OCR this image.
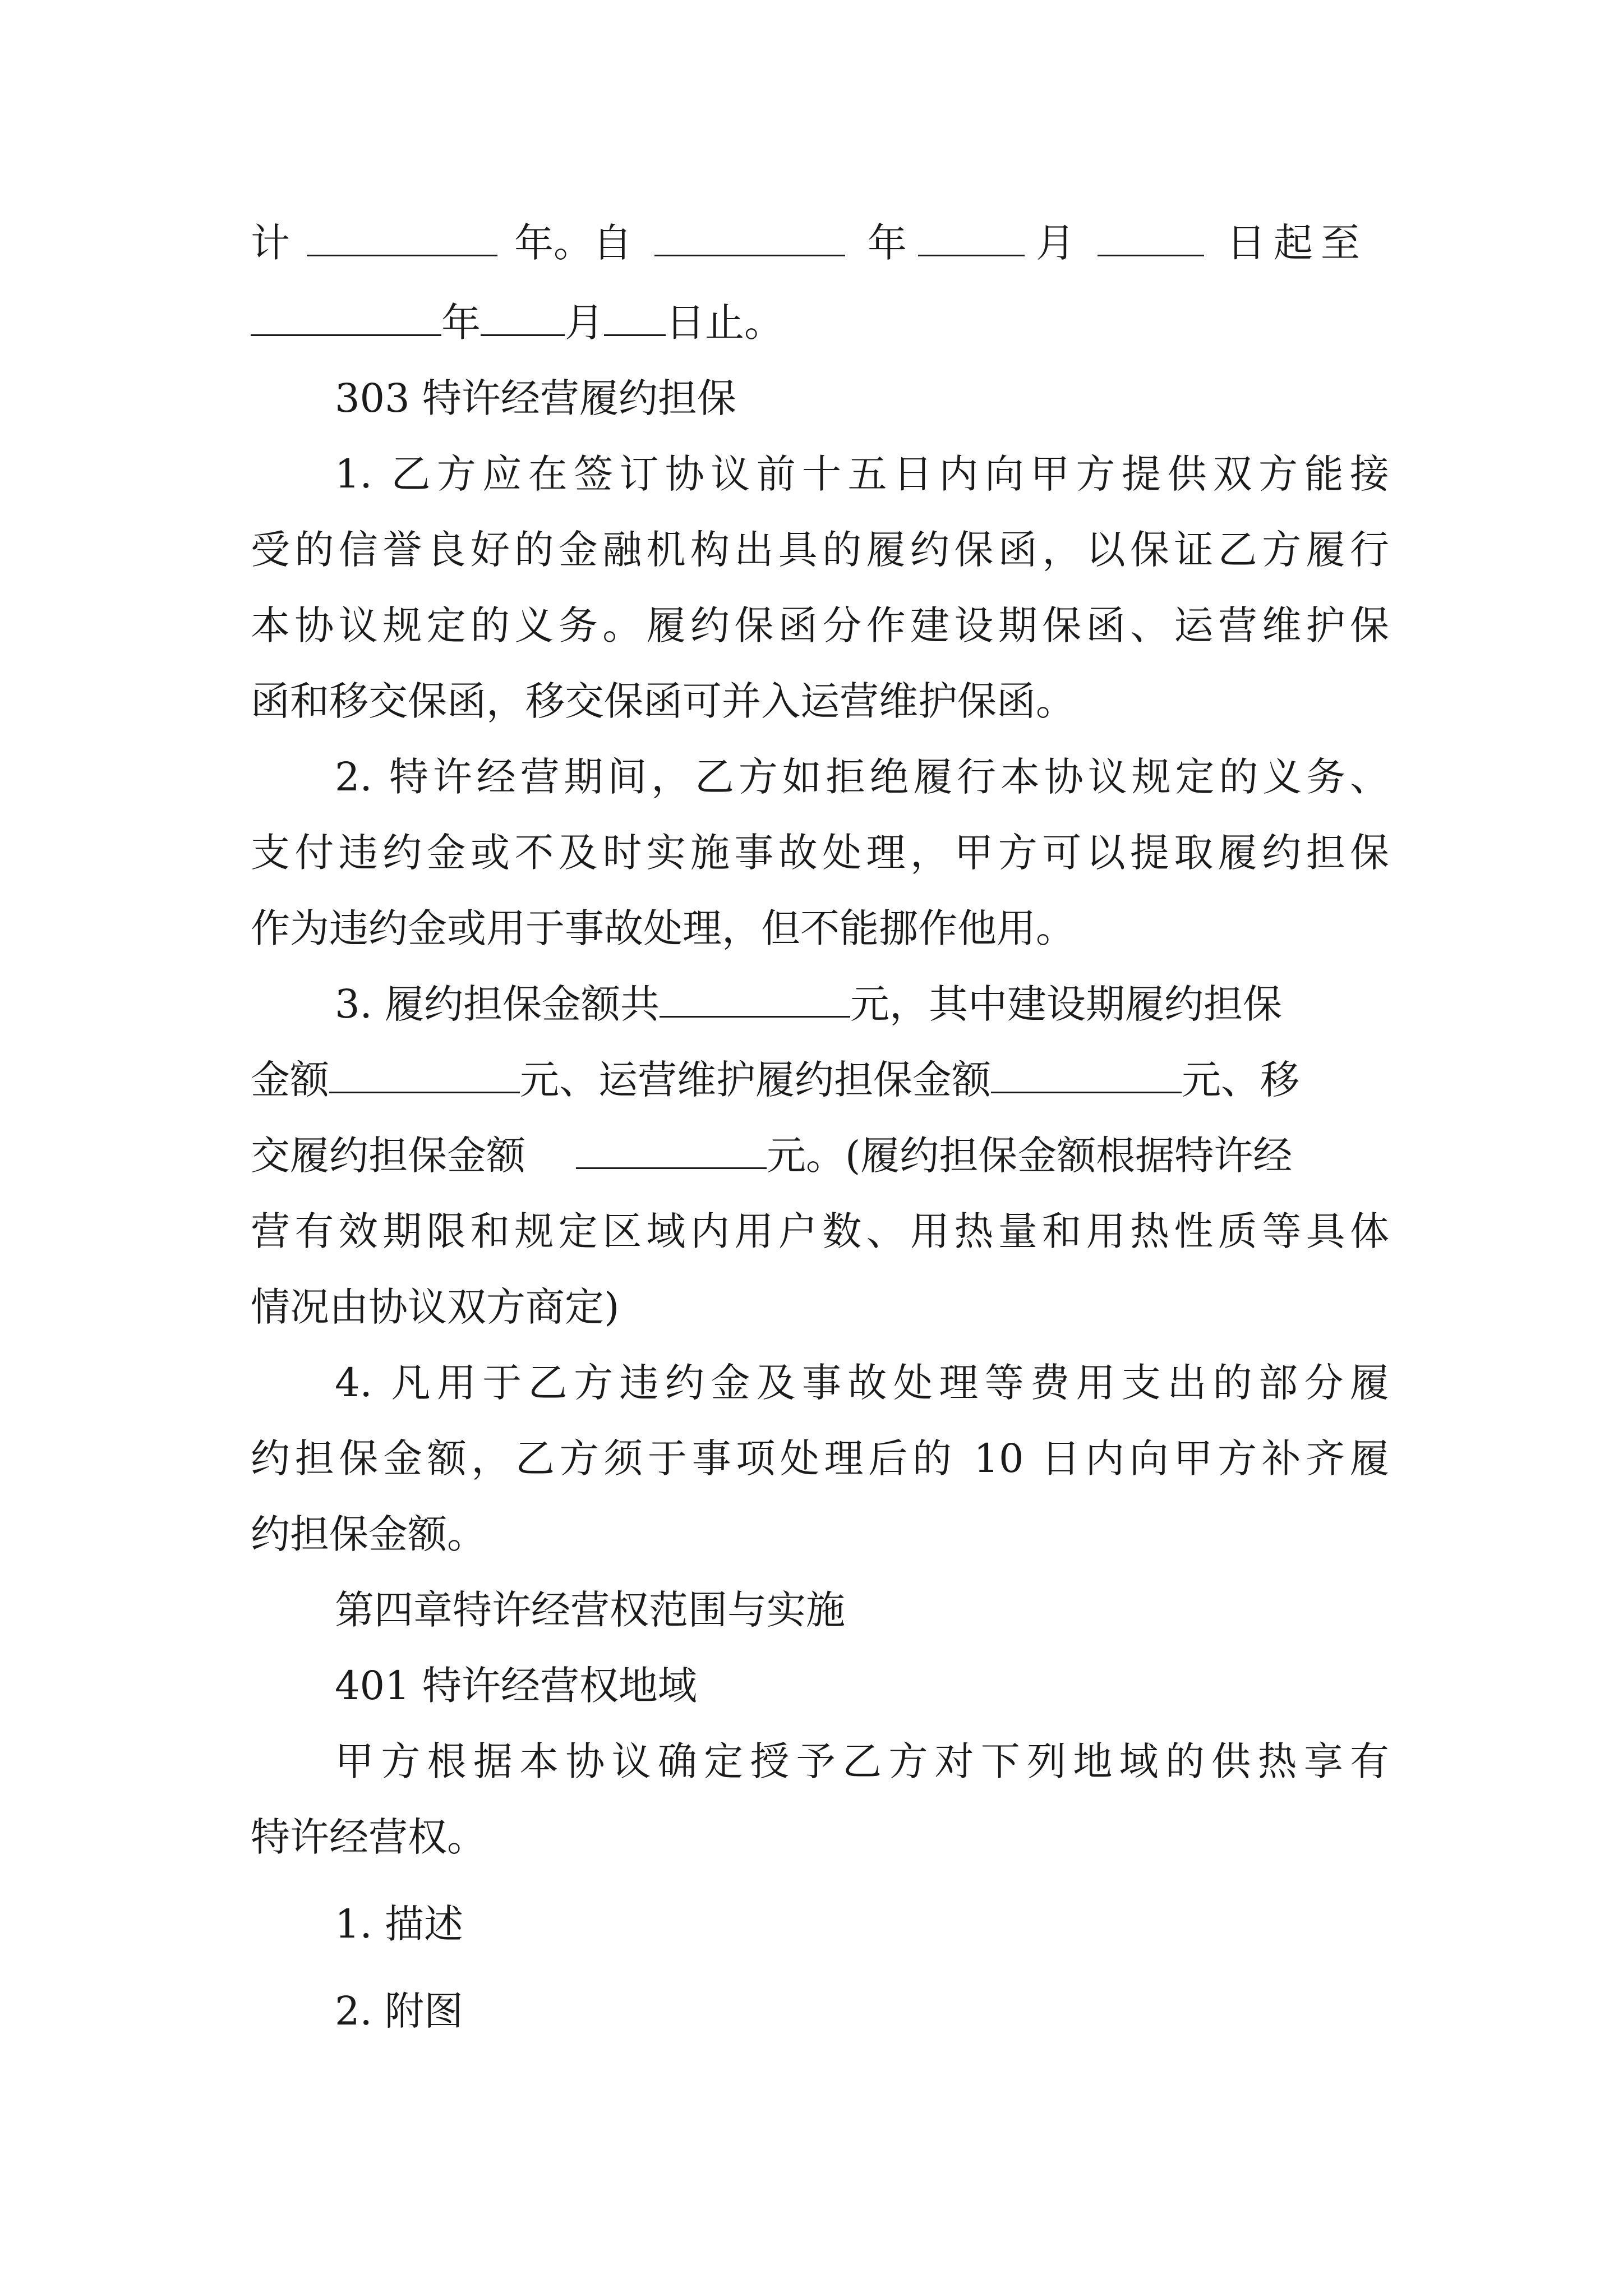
计	年。自	年	月	日起至
年 月 日止。
303 特许经营履约担保
1. 乙方应在签订协议前十五日内向甲方提供双方能接
受的信誉良好的金融机构出具的履约保函，以保证乙方履行
本协议规定的义务。履约保函分作建设期保函、运营维护保
函和移交保函，移交保函可并入运营维护保函。
2. 特许经营期间，乙方如拒绝履行本协议规定的义务、
支付违约金或不及时实施事故处理，甲方可以提取履约担保
作为违约金或用于事故处理，但不能挪作他用。
3. 履约担保金额共	元，其中建设期履约担保
金额	元、运营维护履约担保金额	元、移
交履约担保金额	元。(履约担保金额根据特许经
营有效期限和规定区域内用户数、用热量和用热性质等具体
情况由协议双方商定)
4. 凡用于乙方违约金及事故处理等费用支出的部分履
约担保金额，乙方须于事项处理后的 10 日内向甲方补齐履
约担保金额。
第四章特许经营权范围与实施
401 特许经营权地域
甲方根据本协议确定授予乙方对下列地域的供热享有
特许经营权。
1. 描述
2. 附图
